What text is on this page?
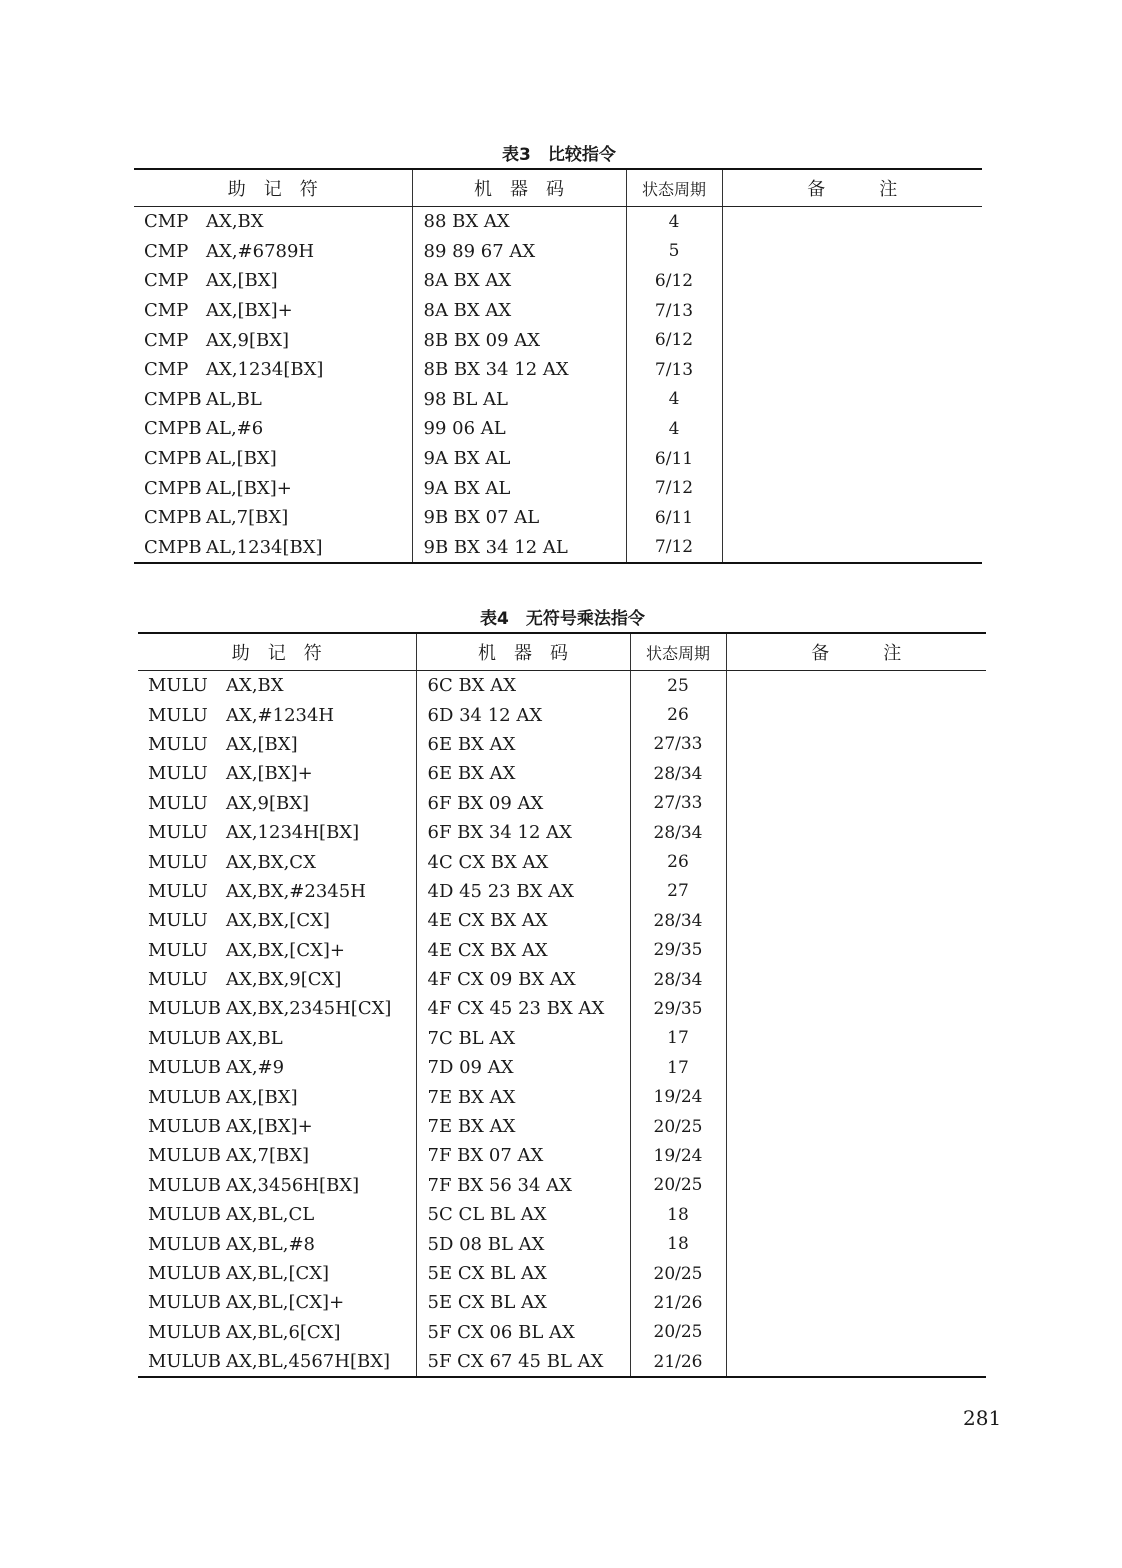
表3　比较指令
助　记　符	机　器　码	状态周期	备　　　注
CMP AX,BX	88 BX AX	4	
CMP AX,#6789H	89 89 67 AX	5	
CMP AX,[BX]	8A BX AX	6/12	
CMP AX,[BX]+	8A BX AX	7/13	
CMP AX,9[BX]	8B BX 09 AX	6/12	
CMP AX,1234[BX]	8B BX 34 12 AX	7/13	
CMPB AL,BL	98 BL AL	4	
CMPB AL,#6	99 06 AL	4	
CMPB AL,[BX]	9A BX AL	6/11	
CMPB AL,[BX]+	9A BX AL	7/12	
CMPB AL,7[BX]	9B BX 07 AL	6/11	
CMPB AL,1234[BX]	9B BX 34 12 AL	7/12	
表4　无符号乘法指令
助　记　符	机　器　码	状态周期	备　　　注
MULU AX,BX	6C BX AX	25	
MULU AX,#1234H	6D 34 12 AX	26	
MULU AX,[BX]	6E BX AX	27/33	
MULU AX,[BX]+	6E BX AX	28/34	
MULU AX,9[BX]	6F BX 09 AX	27/33	
MULU AX,1234H[BX]	6F BX 34 12 AX	28/34	
MULU AX,BX,CX	4C CX BX AX	26	
MULU AX,BX,#2345H	4D 45 23 BX AX	27	
MULU AX,BX,[CX]	4E CX BX AX	28/34	
MULU AX,BX,[CX]+	4E CX BX AX	29/35	
MULU AX,BX,9[CX]	4F CX 09 BX AX	28/34	
MULUB AX,BX,2345H[CX]	4F CX 45 23 BX AX	29/35	
MULUB AX,BL	7C BL AX	17	
MULUB AX,#9	7D 09 AX	17	
MULUB AX,[BX]	7E BX AX	19/24	
MULUB AX,[BX]+	7E BX AX	20/25	
MULUB AX,7[BX]	7F BX 07 AX	19/24	
MULUB AX,3456H[BX]	7F BX 56 34 AX	20/25	
MULUB AX,BL,CL	5C CL BL AX	18	
MULUB AX,BL,#8	5D 08 BL AX	18	
MULUB AX,BL,[CX]	5E CX BL AX	20/25	
MULUB AX,BL,[CX]+	5E CX BL AX	21/26	
MULUB AX,BL,6[CX]	5F CX 06 BL AX	20/25	
MULUB AX,BL,4567H[BX]	5F CX 67 45 BL AX	21/26	
281
